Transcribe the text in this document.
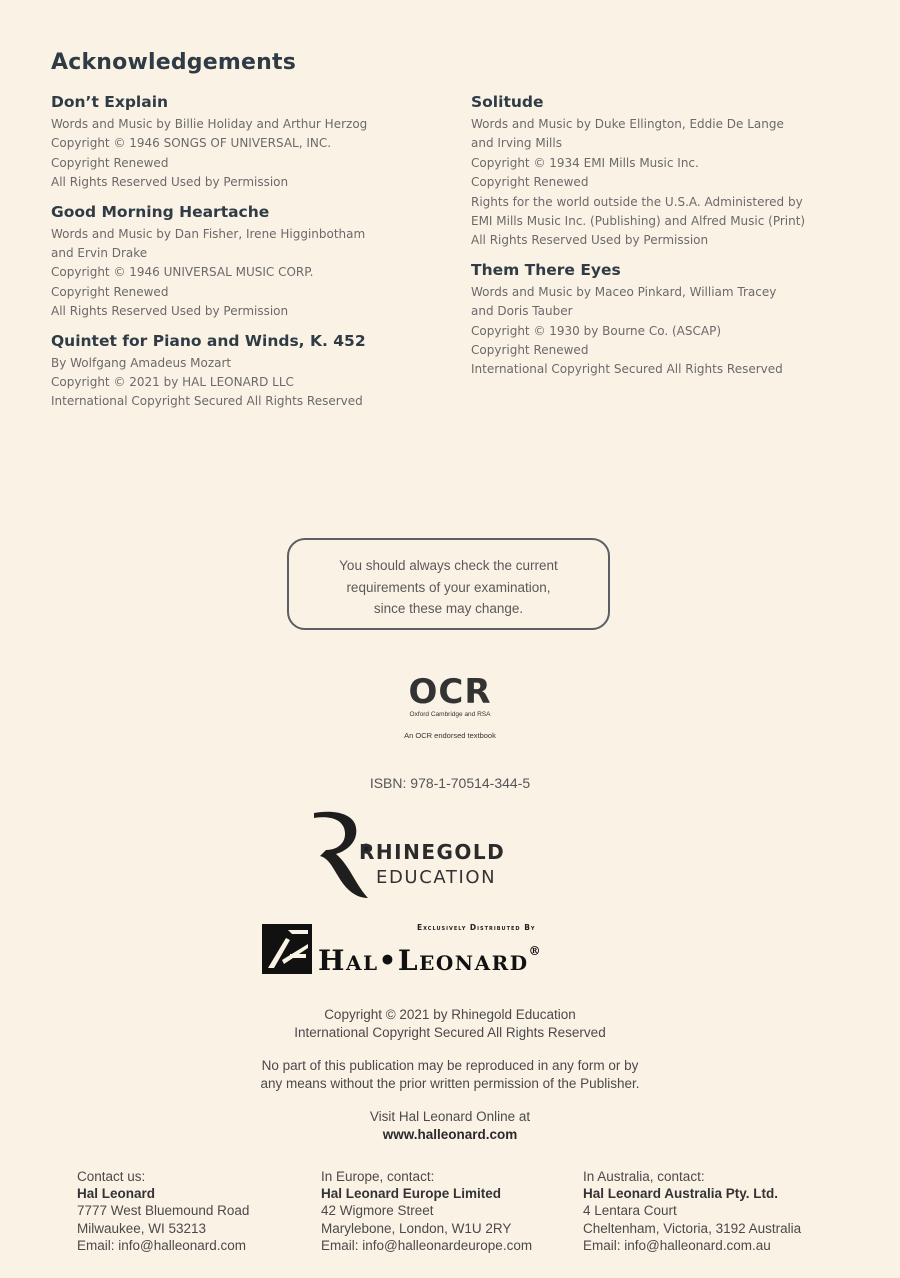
Acknowledgements
Don’t Explain
Words and Music by Billie Holiday and Arthur Herzog
Copyright © 1946 SONGS OF UNIVERSAL, INC.
Copyright Renewed
All Rights Reserved Used by Permission
Good Morning Heartache
Words and Music by Dan Fisher, Irene Higginbotham
and Ervin Drake
Copyright © 1946 UNIVERSAL MUSIC CORP.
Copyright Renewed
All Rights Reserved Used by Permission
Quintet for Piano and Winds, K. 452
By Wolfgang Amadeus Mozart
Copyright © 2021 by HAL LEONARD LLC
International Copyright Secured All Rights Reserved
Solitude
Words and Music by Duke Ellington, Eddie De Lange
and Irving Mills
Copyright © 1934 EMI Mills Music Inc.
Copyright Renewed
Rights for the world outside the U.S.A. Administered by
EMI Mills Music Inc. (Publishing) and Alfred Music (Print)
All Rights Reserved Used by Permission
Them There Eyes
Words and Music by Maceo Pinkard, William Tracey
and Doris Tauber
Copyright © 1930 by Bourne Co. (ASCAP)
Copyright Renewed
International Copyright Secured All Rights Reserved
You should always check the current
requirements of your examination,
since these may change.
OCR
Oxford Cambridge and RSA
An OCR endorsed textbook
ISBN: 978-1-70514-344-5
RHINEGOLD
EDUCATION
Exclusively Distributed By
Hal•Leonard®
Copyright © 2021 by Rhinegold Education
International Copyright Secured All Rights Reserved
No part of this publication may be reproduced in any form or by
any means without the prior written permission of the Publisher.
Visit Hal Leonard Online at
www.halleonard.com
Contact us:
Hal Leonard
7777 West Bluemound Road
Milwaukee, WI 53213
Email: info@halleonard.com
In Europe, contact:
Hal Leonard Europe Limited
42 Wigmore Street
Marylebone, London, W1U 2RY
Email: info@halleonardeurope.com
In Australia, contact:
Hal Leonard Australia Pty. Ltd.
4 Lentara Court
Cheltenham, Victoria, 3192 Australia
Email: info@halleonard.com.au
